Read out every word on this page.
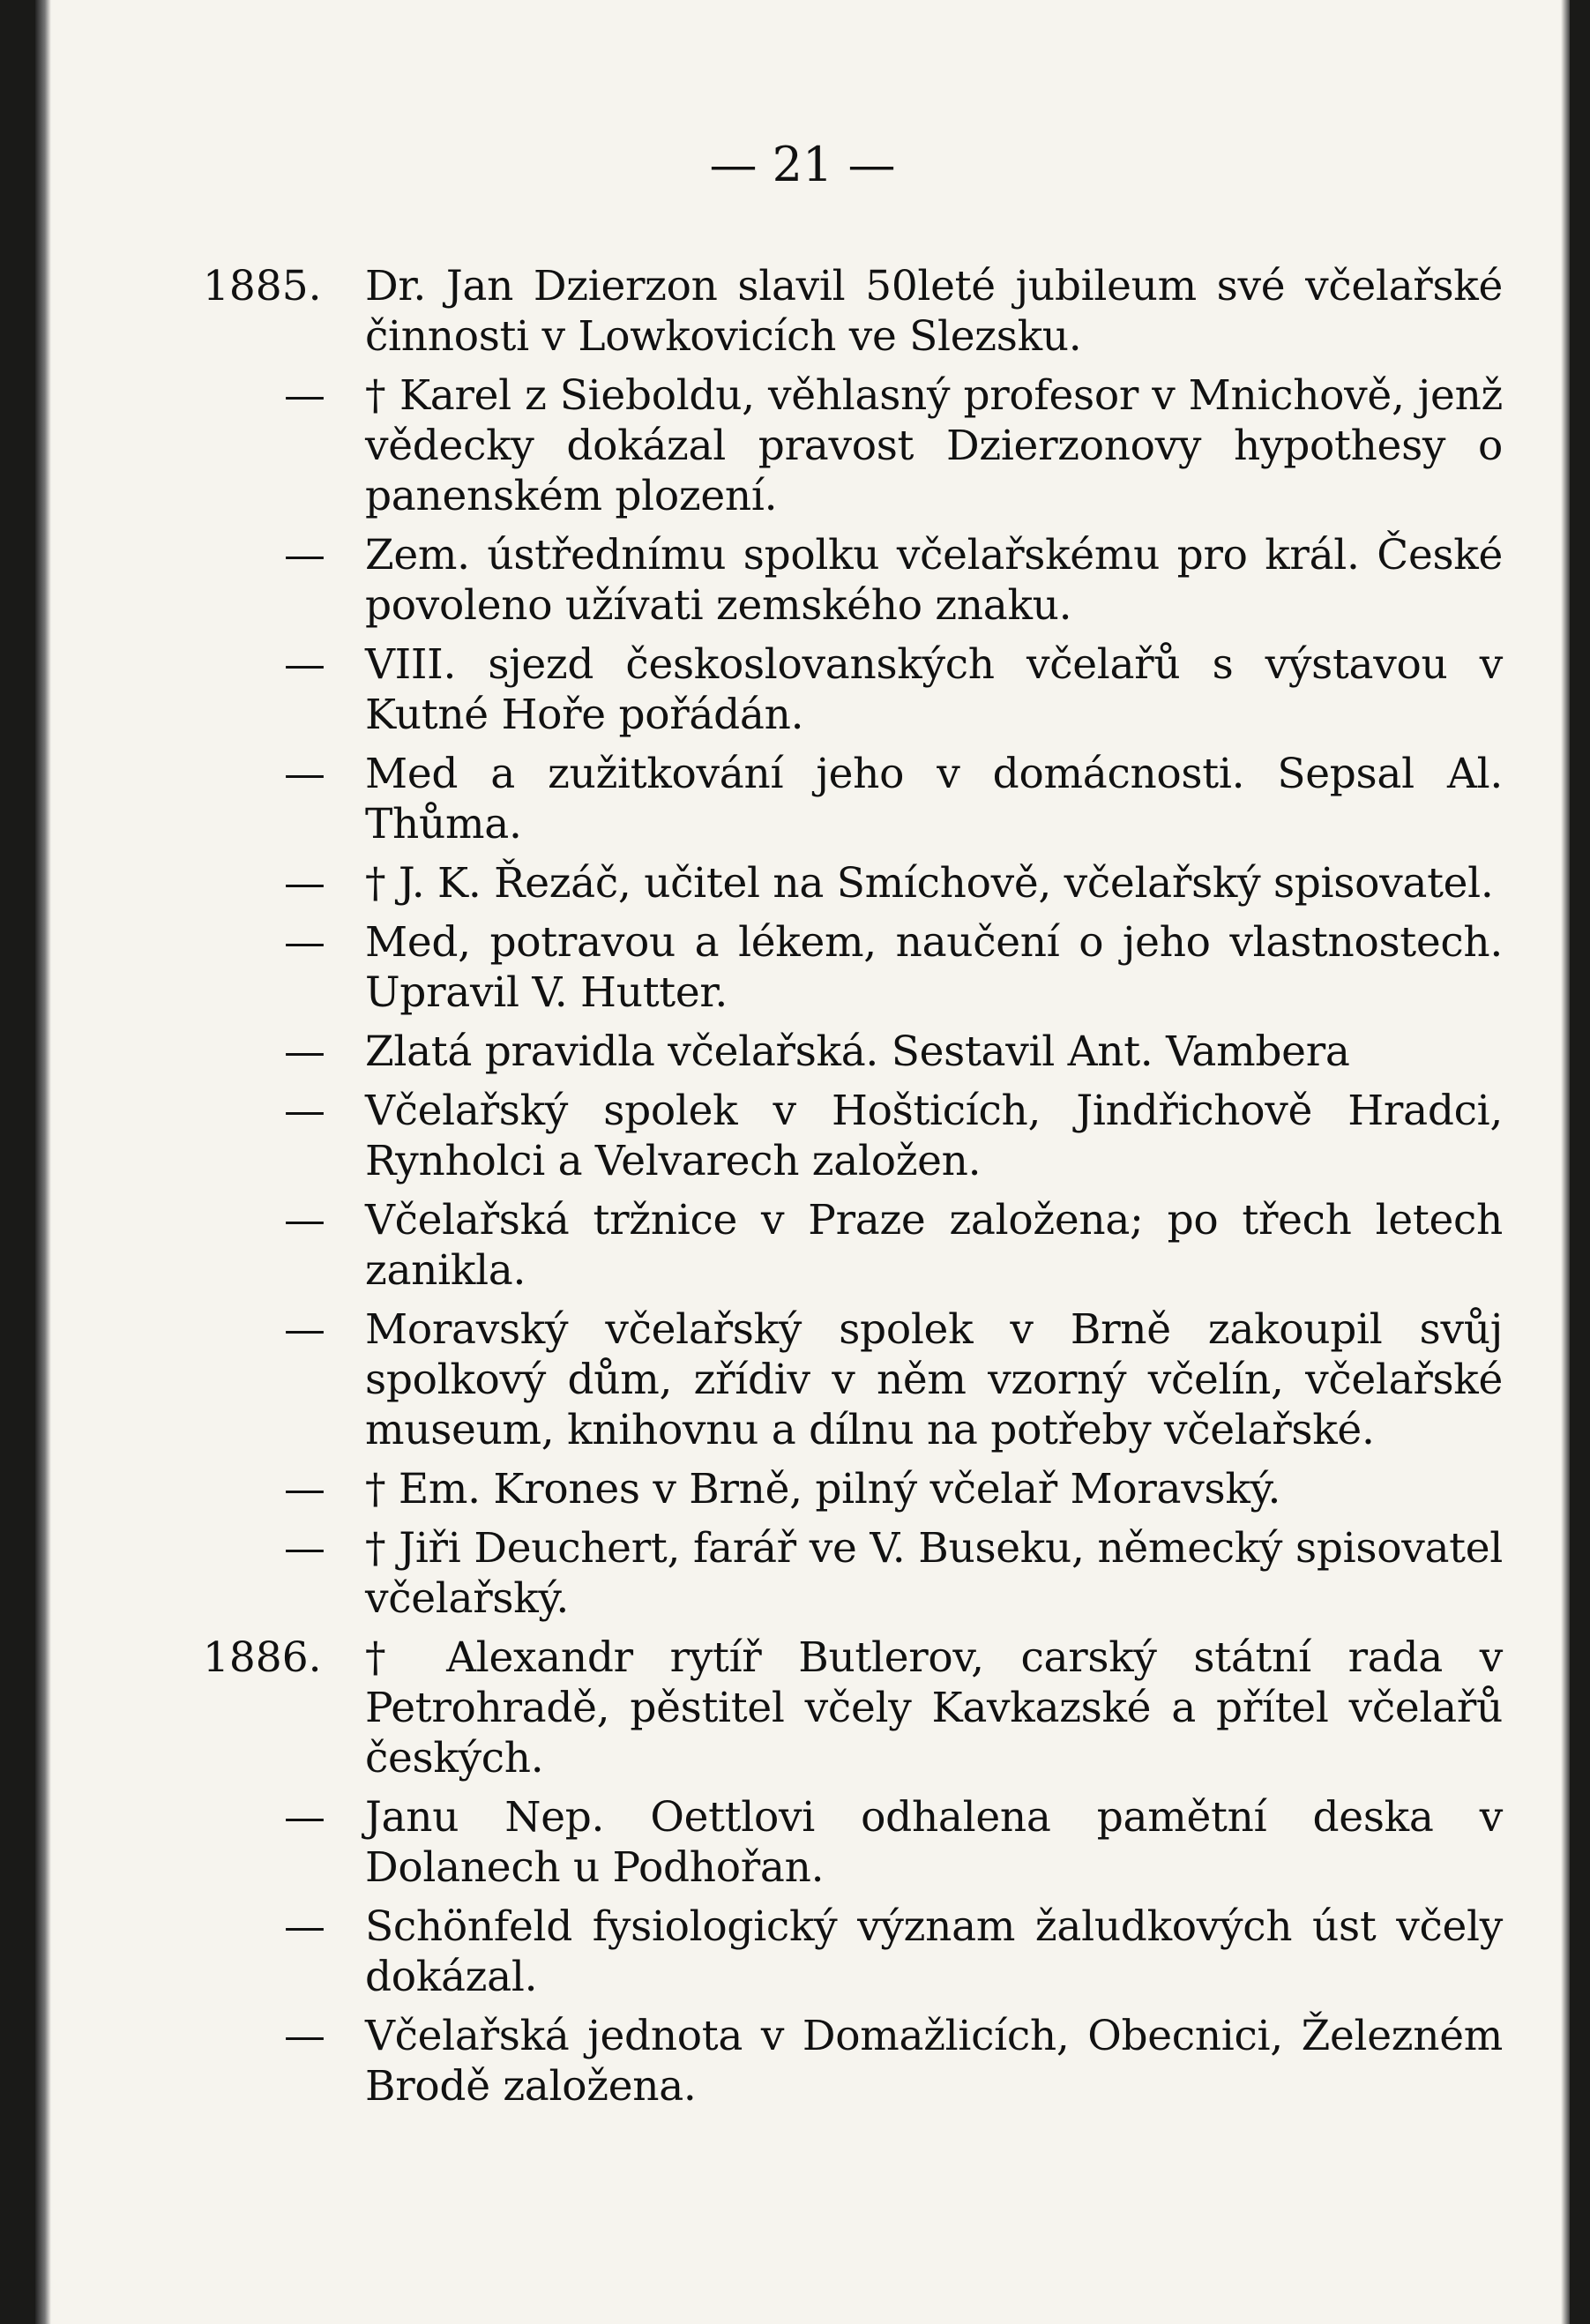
— 21 —
1885.	Dr. Jan Dzierzon slavil 50leté jubileum své včelařské činnosti v Lowkovicích ve Slezsku.
— † Karel z Sieboldu, věhlasný profesor v Mnichově, jenž vědecky dokázal pravost Dzierzonovy hypothesy o panenském plození.
— Zem. ústřednímu spolku včelařskému pro král. České povoleno užívati zemského znaku.
— VIII. sjezd českoslovanských včelařů s výstavou v Kutné Hoře pořádán.
— Med a zužitkování jeho v domácnosti. Sepsal Al. Thůma.
— † J. K. Řezáč, učitel na Smíchově, včelařský spisovatel.
— Med, potravou a lékem, naučení o jeho vlastnostech. Upravil V. Hutter.
— Zlatá pravidla včelařská. Sestavil Ant. Vambera
— Včelařský spolek v Hošticích, Jindřichově Hradci, Rynholci a Velvarech založen.
— Včelařská tržnice v Praze založena; po třech letech zanikla.
— Moravský včelařský spolek v Brně zakoupil svůj spolkový dům, zřídiv v něm vzorný včelín, včelařské museum, knihovnu a dílnu na potřeby včelařské.
— † Em. Krones v Brně, pilný včelař Moravský.
— † Jiři Deuchert, farář ve V. Buseku, německý spisovatel včelařský.
1886.	† Alexandr rytíř Butlerov, carský státní rada v Petrohradě, pěstitel včely Kavkazské a přítel včelařů českých.
— Janu Nep. Oettlovi odhalena pamětní deska v Dolanech u Podhořan.
— Schönfeld fysiologický význam žaludkových úst včely dokázal.
— Včelařská jednota v Domažlicích, Obecnici, Železném Brodě založena.
